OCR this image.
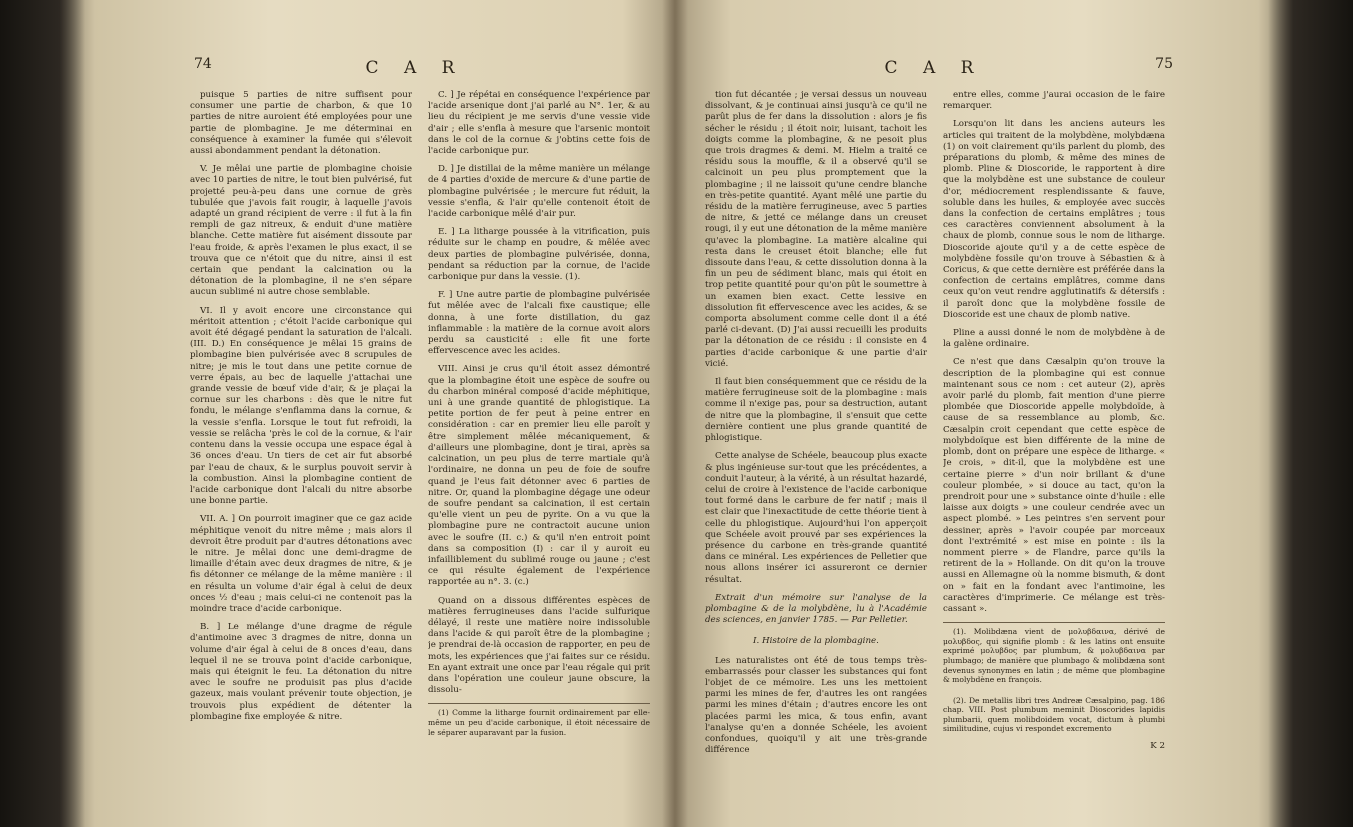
74	C A R

puisque 5 parties de nitre suffisent pour consumer une partie de charbon, & que 10 parties de nitre auroient été employées pour une partie de plombagine. Je me déterminai en conséquence à examiner la fumée qui s'élevoit aussi abondamment pendant la détonation.

V. Je mêlai une partie de plombagine choisie avec 10 parties de nitre, le tout bien pulvérisé, fut projetté peu-à-peu dans une cornue de grès tubulée que j'avois fait rougir, à laquelle j'avois adapté un grand récipient de verre : il fut à la fin rempli de gaz nitreux, & enduit d'une matière blanche. Cette matière fut aisément dissoute par l'eau froide, & après l'examen le plus exact, il se trouva que ce n'étoit que du nitre, ainsi il est certain que pendant la calcination ou la détonation de la plombagine, il ne s'en sépare aucun sublimé ni autre chose semblable.

VI. Il y avoit encore une circonstance qui méritoit attention ; c'étoit l'acide carbonique qui avoit été dégagé pendant la saturation de l'alcali. (III. D.) En conséquence je mêlai 15 grains de plombagine bien pulvérisée avec 8 scrupules de nitre; je mis le tout dans une petite cornue de verre épais, au bec de laquelle j'attachai une grande vessie de bœuf vide d'air, & je plaçai la cornue sur les charbons : dès que le nitre fut fondu, le mélange s'enflamma dans la cornue, & la vessie s'enfla. Lorsque le tout fut refroidi, la vessie se relâcha 'près le col de la cornue, & l'air contenu dans la vessie occupa une espace égal à 36 onces d'eau. Un tiers de cet air fut absorbé par l'eau de chaux, & le surplus pouvoit servir à la combustion. Ainsi la plombagine contient de l'acide carbonique dont l'alcali du nitre absorbe une bonne partie.

VII. A. ] On pourroit imaginer que ce gaz acide méphitique venoit du nitre même ; mais alors il devroit être produit par d'autres détonations avec le nitre. Je mêlai donc une demi-dragme de limaille d'étain avec deux dragmes de nitre, & je fis détonner ce mélange de la même manière : il en résulta un volume d'air égal à celui de deux onces ½ d'eau ; mais celui-ci ne contenoit pas la moindre trace d'acide carbonique.

B. ] Le mélange d'une dragme de régule d'antimoine avec 3 dragmes de nitre, donna un volume d'air égal à celui de 8 onces d'eau, dans lequel il ne se trouva point d'acide carbonique, mais qui éteignit le feu. La détonation du nitre avec le soufre ne produisit pas plus d'acide gazeux, mais voulant prévenir toute objection, je trouvois plus expédient de détenter la plombagine fixe employée & nitre.

C. ] Je répétai en conséquence l'expérience par l'acide arsenique dont j'ai parlé au N°. 1er, & au lieu du récipient je me servis d'une vessie vide d'air ; elle s'enfla à mesure que l'arsenic montoit dans le col de la cornue & j'obtins cette fois de l'acide carbonique pur.

D. ] Je distillai de la même manière un mélange de 4 parties d'oxide de mercure & d'une partie de plombagine pulvérisée ; le mercure fut réduit, la vessie s'enfla, & l'air qu'elle contenoit étoit de l'acide carbonique mêlé d'air pur.

E. ] La litharge poussée à la vitrification, puis réduite sur le champ en poudre, & mêlée avec deux parties de plombagine pulvérisée, donna, pendant sa réduction par la cornue, de l'acide carbonique pur dans la vessie. (1).

F. ] Une autre partie de plombagine pulvérisée fut mêlée avec de l'alcali fixe caustique; elle donna, à une forte distillation, du gaz inflammable : la matière de la cornue avoit alors perdu sa causticité : elle fit une forte effervescence avec les acides.

VIII. Ainsi je crus qu'il étoit assez démontré que la plombagine étoit une espèce de soufre ou du charbon minéral composé d'acide méphitique, uni à une grande quantité de phlogistique. La petite portion de fer peut à peine entrer en considération : car en premier lieu elle paroît y être simplement mêlée mécaniquement, & d'ailleurs une plombagine, dont je tirai, après sa calcination, un peu plus de terre martiale qu'à l'ordinaire, ne donna un peu de foie de soufre quand je l'eus fait détonner avec 6 parties de nitre. Or, quand la plombagine dégage une odeur de soufre pendant sa calcination, il est certain qu'elle vient un peu de pyrite. On a vu que la plombagine pure ne contractoit aucune union avec le soufre (II. c.) & qu'il n'en entroit point dans sa composition (I) : car il y auroit eu infailliblement du sublimé rouge ou jaune ; c'est ce qui résulte également de l'expérience rapportée au n°. 3. (c.)

Quand on a dissous différentes espèces de matières ferrugineuses dans l'acide sulfurique délayé, il reste une matière noire indissoluble dans l'acide & qui paroît être de la plombagine ; je prendrai de-là occasion de rapporter, en peu de mots, les expériences que j'ai faites sur ce résidu. En ayant extrait une once par l'eau régale qui prit dans l'opération une couleur jaune obscure, la dissolu-

(1) Comme la litharge fournit ordinairement par elle-même un peu d'acide carbonique, il étoit nécessaire de le séparer auparavant par la fusion.

C A R	75

tion fut décantée ; je versai dessus un nouveau dissolvant, & je continuai ainsi jusqu'à ce qu'il ne parût plus de fer dans la dissolution : alors je fis sécher le résidu ; il étoit noir, luisant, tachoit les doigts comme la plombagine, & ne pesoit plus que trois dragmes & demi. M. Hielm a traité ce résidu sous la mouffle, & il a observé qu'il se calcinoit un peu plus promptement que la plombagine ; il ne laissoit qu'une cendre blanche en très-petite quantité. Ayant mêlé une partie du résidu de la matière ferrugineuse, avec 5 parties de nitre, & jetté ce mélange dans un creuset rougi, il y eut une détonation de la même manière qu'avec la plombagine. La matière alcaline qui resta dans le creuset étoit blanche; elle fut dissoute dans l'eau, & cette dissolution donna à la fin un peu de sédiment blanc, mais qui étoit en trop petite quantité pour qu'on pût le soumettre à un examen bien exact. Cette lessive en dissolution fit effervescence avec les acides, & se comporta absolument comme celle dont il a été parlé ci-devant. (D) J'ai aussi recueilli les produits par la détonation de ce résidu : il consiste en 4 parties d'acide carbonique & une partie d'air vicié.

Il faut bien conséquemment que ce résidu de la matière ferrugineuse soit de la plombagine : mais comme il n'exige pas, pour sa destruction, autant de nitre que la plombagine, il s'ensuit que cette dernière contient une plus grande quantité de phlogistique.

Cette analyse de Schéele, beaucoup plus exacte & plus ingénieuse sur-tout que les précédentes, a conduit l'auteur, à la vérité, à un résultat hazardé, celui de croire à l'existence de l'acide carbonique tout formé dans le carbure de fer natif ; mais il est clair que l'inexactitude de cette théorie tient à celle du phlogistique. Aujourd'hui l'on apperçoit que Schéele avoit prouvé par ses expériences la présence du carbone en très-grande quantité dans ce minéral. Les expériences de Pelletier que nous allons insérer ici assureront ce dernier résultat.

Extrait d'un mémoire sur l'analyse de la plombagine & de la molybdène, lu à l'Académie des sciences, en janvier 1785. — Par Pelletier.

I. Histoire de la plombagine.

Les naturalistes ont été de tous temps très-embarrassés pour classer les substances qui font l'objet de ce mémoire. Les uns les mettoient parmi les mines de fer, d'autres les ont rangées parmi les mines d'étain ; d'autres encore les ont placées parmi les mica, & tous enfin, avant l'analyse qu'en a donnée Schéele, les avoient confondues, quoiqu'il y ait une très-grande différence

entre elles, comme j'aurai occasion de le faire remarquer.

Lorsqu'on lit dans les anciens auteurs les articles qui traitent de la molybdène, molybdæna (1) on voit clairement qu'ils parlent du plomb, des préparations du plomb, & même des mines de plomb. Pline & Dioscoride, le rapportent à dire que la molybdène est une substance de couleur d'or, médiocrement resplendissante & fauve, soluble dans les huiles, & employée avec succès dans la confection de certains emplâtres ; tous ces caractères conviennent absolument à la chaux de plomb, connue sous le nom de litharge. Dioscoride ajoute qu'il y a de cette espèce de molybdène fossile qu'on trouve à Sébastien & à Coricus, & que cette dernière est préférée dans la confection de certains emplâtres, comme dans ceux qu'on veut rendre agglutinatifs & détersifs : il paroît donc que la molybdène fossile de Dioscoride est une chaux de plomb native.

Pline a aussi donné le nom de molybdène à de la galène ordinaire.

Ce n'est que dans Cæsalpin qu'on trouve la description de la plombagine qui est connue maintenant sous ce nom : cet auteur (2), après avoir parlé du plomb, fait mention d'une pierre plombée que Dioscoride appelle molybdoïde, à cause de sa ressemblance au plomb, &c. Cæsalpin croit cependant que cette espèce de molybdoïque est bien différente de la mine de plomb, dont on prépare une espèce de litharge. « Je crois, » dit-il, que la molybdène est une certaine pierre » d'un noir brillant & d'une couleur plombée, » si douce au tact, qu'on la prendroit pour une » substance ointe d'huile : elle laisse aux doigts » une couleur cendrée avec un aspect plombé. » Les peintres s'en servent pour dessiner, après » l'avoir coupée par morceaux dont l'extrémité » est mise en pointe : ils la nomment pierre » de Flandre, parce qu'ils la retirent de la » Hollande. On dit qu'on la trouve aussi en Allemagne où la nomme bismuth, & dont on » fait en la fondant avec l'antimoine, les caractères d'imprimerie. Ce mélange est très-cassant ».

(1). Molibdæna vient de μολυβδαινα, dérivé de μολυβδος, qui signifie plomb : & les latins ont ensuite exprimé μολυβδος par plumbum, & μολυβδαινα par plumbago; de manière que plumbago & molibdæna sont devenus synonymes en latin ; de même que plombagine & molybdène en françois.

(2). De metallis libri tres Andreæ Cæsalpino, pag. 186 chap. VIII. Post plumbum meminit Dioscorides lapidis plumbarii, quem molibdoidem vocat, dictum à plumbi similitudine, cujus vi respondet excremento

K 2
